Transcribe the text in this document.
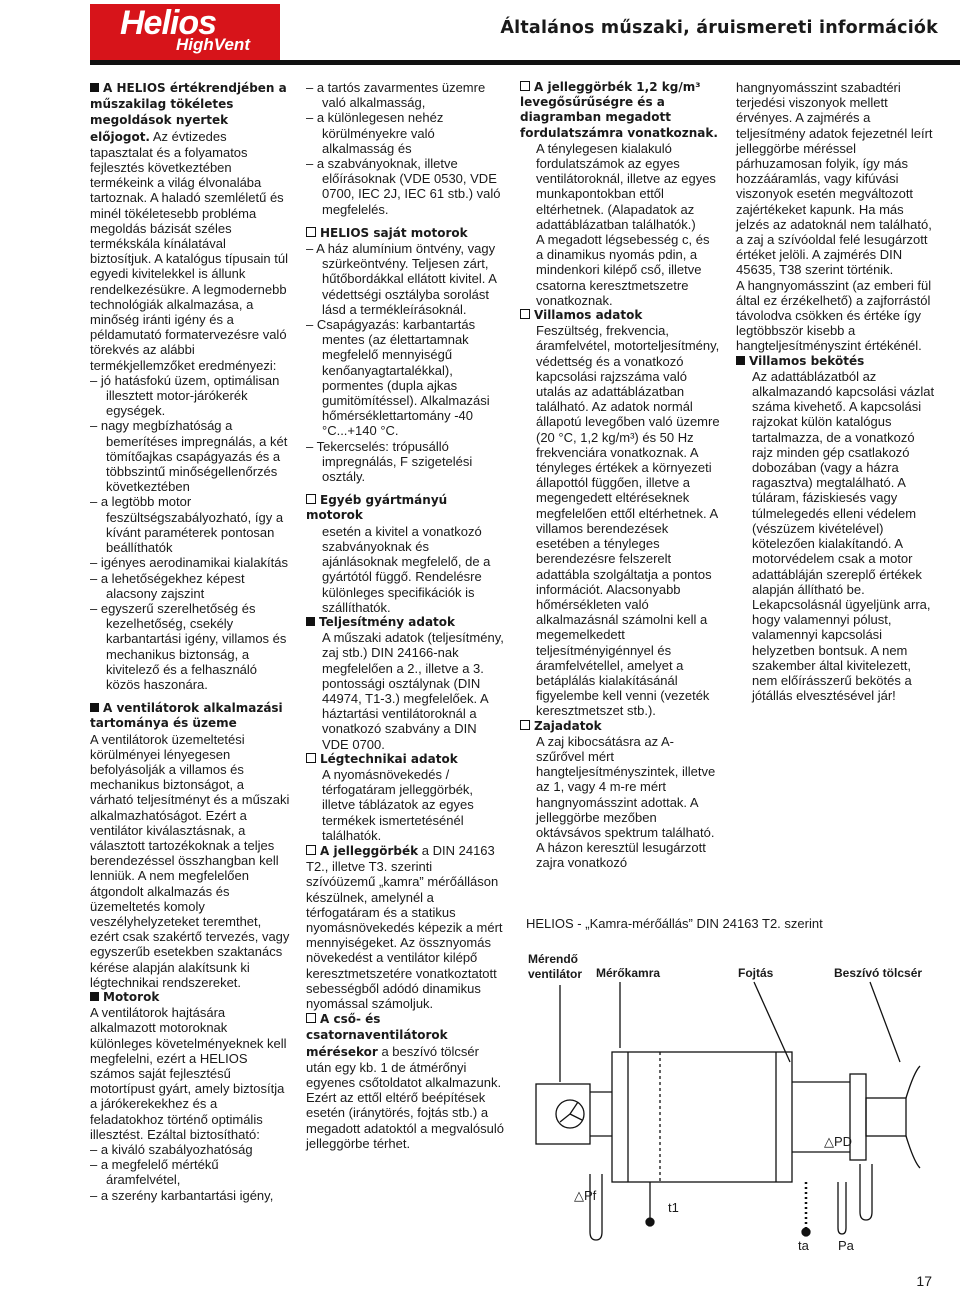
Helios
HighVent
Általános műszaki, áruismereti információk

A HELIOS értékrendjében a műszakilag tökéletes megoldások nyertek előjogot. Az évtizedes tapasztalat és a folyamatos fejlesztés következtében termékeink a világ élvonalába tartoznak. A haladó szemléletű és minél tökéletesebb probléma megoldás bázisát széles termékskála kínálatával biztosítjuk. A katalógus típusain túl egyedi kivitelekkel is állunk rendelkezésükre. A legmodernebb technológiák alkalmazása, a minőség iránti igény és a példamutató formatervezésre való törekvés az alábbi termékjellemzőket eredményezi:

– jó hatásfokú üzem, optimálisan illesztett motor-járókerék egységek.

– nagy megbízhatóság a bemerítéses impregnálás, a két tömítőajkas csapágyazás és a többszintű minőségellenőrzés következtében

– a legtöbb motor feszültségszabályozható, így a kívánt paraméterek pontosan beállíthatók

– igényes aerodinamikai kialakítás

– a lehetőségekhez képest alacsony zajszint

– egyszerű szerelhetőség és kezelhetőség, csekély karbantartási igény, villamos és mechanikus biztonság, a kivitelező és a felhasználó közös haszonára.

A ventilátorok alkalmazási tartománya és üzeme

A ventilátorok üzemeltetési körülményei lényegesen befolyásolják a villamos és mechanikus biztonságot, a várható teljesítményt és a műszaki alkalmazhatóságot. Ezért a ventilátor kiválasztásnak, a választott tartozékoknak a teljes berendezéssel összhangban kell lenniük. A nem megfelelően átgondolt alkalmazás és üzemeltetés komoly veszélyhelyzeteket teremthet, ezért csak szakértő tervezés, vagy egyszerűb esetekben szaktanács kérése alapján alakítsunk ki légtechnikai rendszereket.

Motorok

A ventilátorok hajtására alkalmazott motoroknak különleges követelményeknek kell megfelelni, ezért a HELIOS számos saját fejlesztésű motortípust gyárt, amely biztosítja a járókerekekhez és a feladatokhoz történő optimális illesztést. Ezáltal biztosítható:

– a kiváló szabályozhatóság

– a megfelelő mértékű áramfelvétel,

– a szerény karbantartási igény,

– a tartós zavarmentes üzemre való alkalmasság,

– a különlegesen nehéz körülményekre való alkalmasság és

– a szabványoknak, illetve előírásoknak (VDE 0530, VDE 0700, IEC 2J, IEC 61 stb.) való megfelelés.

HELIOS saját motorok

– A ház alumínium öntvény, vagy szürkeöntvény. Teljesen zárt, hűtőbordákkal ellátott kivitel. A védettségi osztályba sorolást lásd a termékleírásoknál.

– Csapágyazás: karbantartás mentes (az élettartamnak megfelelő mennyiségű kenőanyagtartalékkal), pormentes (dupla ajkas gumitömítéssel). Alkalmazási hőmérséklettartomány -40 °C...+140 °C.

– Tekercselés: trópusálló impregnálás, F szigetelési osztály.

Egyéb gyártmányú motorok

esetén a kivitel a vonatkozó szabványoknak és ajánlásoknak megfelelő, de a gyártótól függő. Rendelésre különleges specifikációk is szállíthatók.

Teljesítmény adatok

A műszaki adatok (teljesítmény, zaj stb.) DIN 24166-nak megfelelően a 2., illetve a 3. pontossági osztálynak (DIN 44974, T1-3.) megfelelőek. A háztartási ventilátoroknál a vonatkozó szabvány a DIN VDE 0700.

Légtechnikai adatok

A nyomásnövekedés / térfogatáram jelleggörbék, illetve táblázatok az egyes termékek ismertetésénél találhatók.

A jelleggörbék a DIN 24163 T2., illetve T3. szerinti szívóüzemű „kamra” mérőálláson készülnek, amelynél a térfogatáram és a statikus nyomásnövekedés képezik a mért mennyiségeket. Az össznyomás növekedést a ventilátor kilépő keresztmetszetére vonatkoztatott sebességből adódó dinamikus nyomással számoljuk.

A cső- és csatornaventilátorok mérésekor a beszívó tölcsér után egy kb. 1 de átmérőnyi egyenes csőtoldatot alkalmazunk. Ezért az ettől eltérő beépítések esetén (iránytörés, fojtás stb.) a megadott adatoktól a megvalósuló jelleggörbe térhet.

A jelleggörbék 1,2 kg/m³ levegősűrűségre és a diagramban megadott fordulatszámra vonatkoznak.

A ténylegesen kialakuló fordulatszámok az egyes ventilátoroknál, illetve az egyes munkapontokban ettől eltérhetnek. (Alapadatok az adattáblázatban találhatók.)

A megadott légsebesség c, és a dinamikus nyomás pdin, a mindenkori kilépő cső, illetve csatorna keresztmetszetre vonatkoznak.

Villamos adatok

Feszültség, frekvencia, áramfelvétel, motorteljesítmény, védettség és a vonatkozó kapcsolási rajzszáma való utalás az adattáblázatban található. Az adatok normál állapotú levegőben való üzemre (20 °C, 1,2 kg/m³) és 50 Hz frekvenciára vonatkoznak. A tényleges értékek a környezeti állapottól függően, illetve a megengedett eltéréseknek megfelelően ettől eltérhetnek. A villamos berendezések esetében a tényleges berendezésre felszerelt adattábla szolgáltatja a pontos információt. Alacsonyabb hőmérsékleten való alkalmazásnál számolni kell a megemelkedett teljesítményigénnyel és áramfelvétellel, amelyet a betáplálás kialakításánál figyelembe kell venni (vezeték keresztmetszet stb.).

Zajadatok

A zaj kibocsátásra az A-szűrővel mért hangteljesítményszintek, illetve az 1, vagy 4 m-re mért hangnyomásszint adottak. A jelleggörbe mezőben oktávsávos spektrum található. A házon keresztül lesugárzott zajra vonatkozó

hangnyomásszint szabadtéri terjedési viszonyok mellett érvényes. A zajmérés a teljesítmény adatok fejezetnél leírt jelleggörbe méréssel párhuzamosan folyik, így más hozzááramlás, vagy kifúvási viszonyok esetén megváltozott zajértékeket kapunk. Ha más jelzés az adatoknál nem található, a zaj a szívóoldal felé lesugárzott értéket jelöli. A zajmérés DIN 45635, T38 szerint történik.

A hangnyomásszint (az emberi fül által ez érzékelhető) a zajforrástól távolodva csökken és értéke így legtöbbször kisebb a hangteljesítményszint értékénél.

Villamos bekötés

Az adattáblázatból az alkalmazandó kapcsolási vázlat száma kivehető. A kapcsolási rajzokat külön katalógus tartalmazza, de a vonatkozó rajz minden gép csatlakozó dobozában (vagy a házra ragasztva) megtalálható. A túláram, fáziskiesés vagy túlmelegedés elleni védelem (vészüzem kivételével) kötelezően kialakítandó. A motorvédelem csak a motor adattábláján szereplő értékek alapján állítható be. Lekapcsolásnál ügyeljünk arra, hogy valamennyi pólust, valamennyi kapcsolási helyzetben bontsuk. A nem szakember által kivitelezett, nem előírásszerű bekötés a jótállás elvesztésével jár!

HELIOS - „Kamra-mérőállás” DIN 24163 T2. szerint
Mérendő ventilátor	Mérőkamra	Fojtás	Beszívó tölcsér
△Pf
△PD
t1
ta Pa
17
